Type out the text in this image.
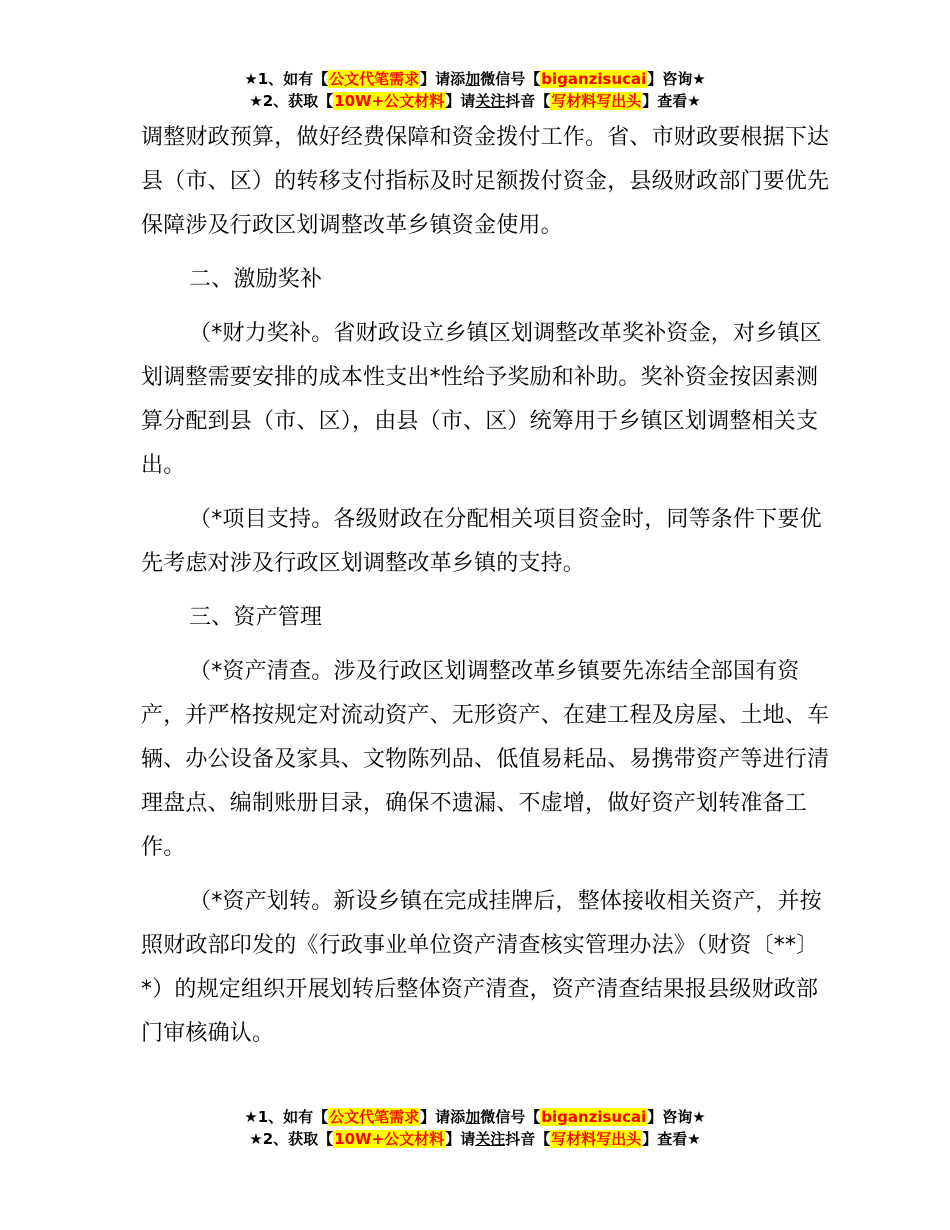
★1、如有【公文代笔需求】请添加微信号【biganzisucai】咨询★
★2、获取【10W+公文材料】请关注抖音【写材料写出头】查看★

调整财政预算，做好经费保障和资金拨付工作。省、市财政要根据下达县（市、区）的转移支付指标及时足额拨付资金，县级财政部门要优先保障涉及行政区划调整改革乡镇资金使用。

二、激励奖补

（*财力奖补。省财政设立乡镇区划调整改革奖补资金，对乡镇区划调整需要安排的成本性支出*性给予奖励和补助。奖补资金按因素测算分配到县（市、区），由县（市、区）统筹用于乡镇区划调整相关支出。

（*项目支持。各级财政在分配相关项目资金时，同等条件下要优先考虑对涉及行政区划调整改革乡镇的支持。

三、资产管理

（*资产清查。涉及行政区划调整改革乡镇要先冻结全部国有资产，并严格按规定对流动资产、无形资产、在建工程及房屋、土地、车辆、办公设备及家具、文物陈列品、低值易耗品、易携带资产等进行清理盘点、编制账册目录，确保不遗漏、不虚增，做好资产划转准备工作。

（*资产划转。新设乡镇在完成挂牌后，整体接收相关资产，并按照财政部印发的《行政事业单位资产清查核实管理办法》（财资〔**〕*）的规定组织开展划转后整体资产清查，资产清查结果报县级财政部门审核确认。

★1、如有【公文代笔需求】请添加微信号【biganzisucai】咨询★
★2、获取【10W+公文材料】请关注抖音【写材料写出头】查看★
